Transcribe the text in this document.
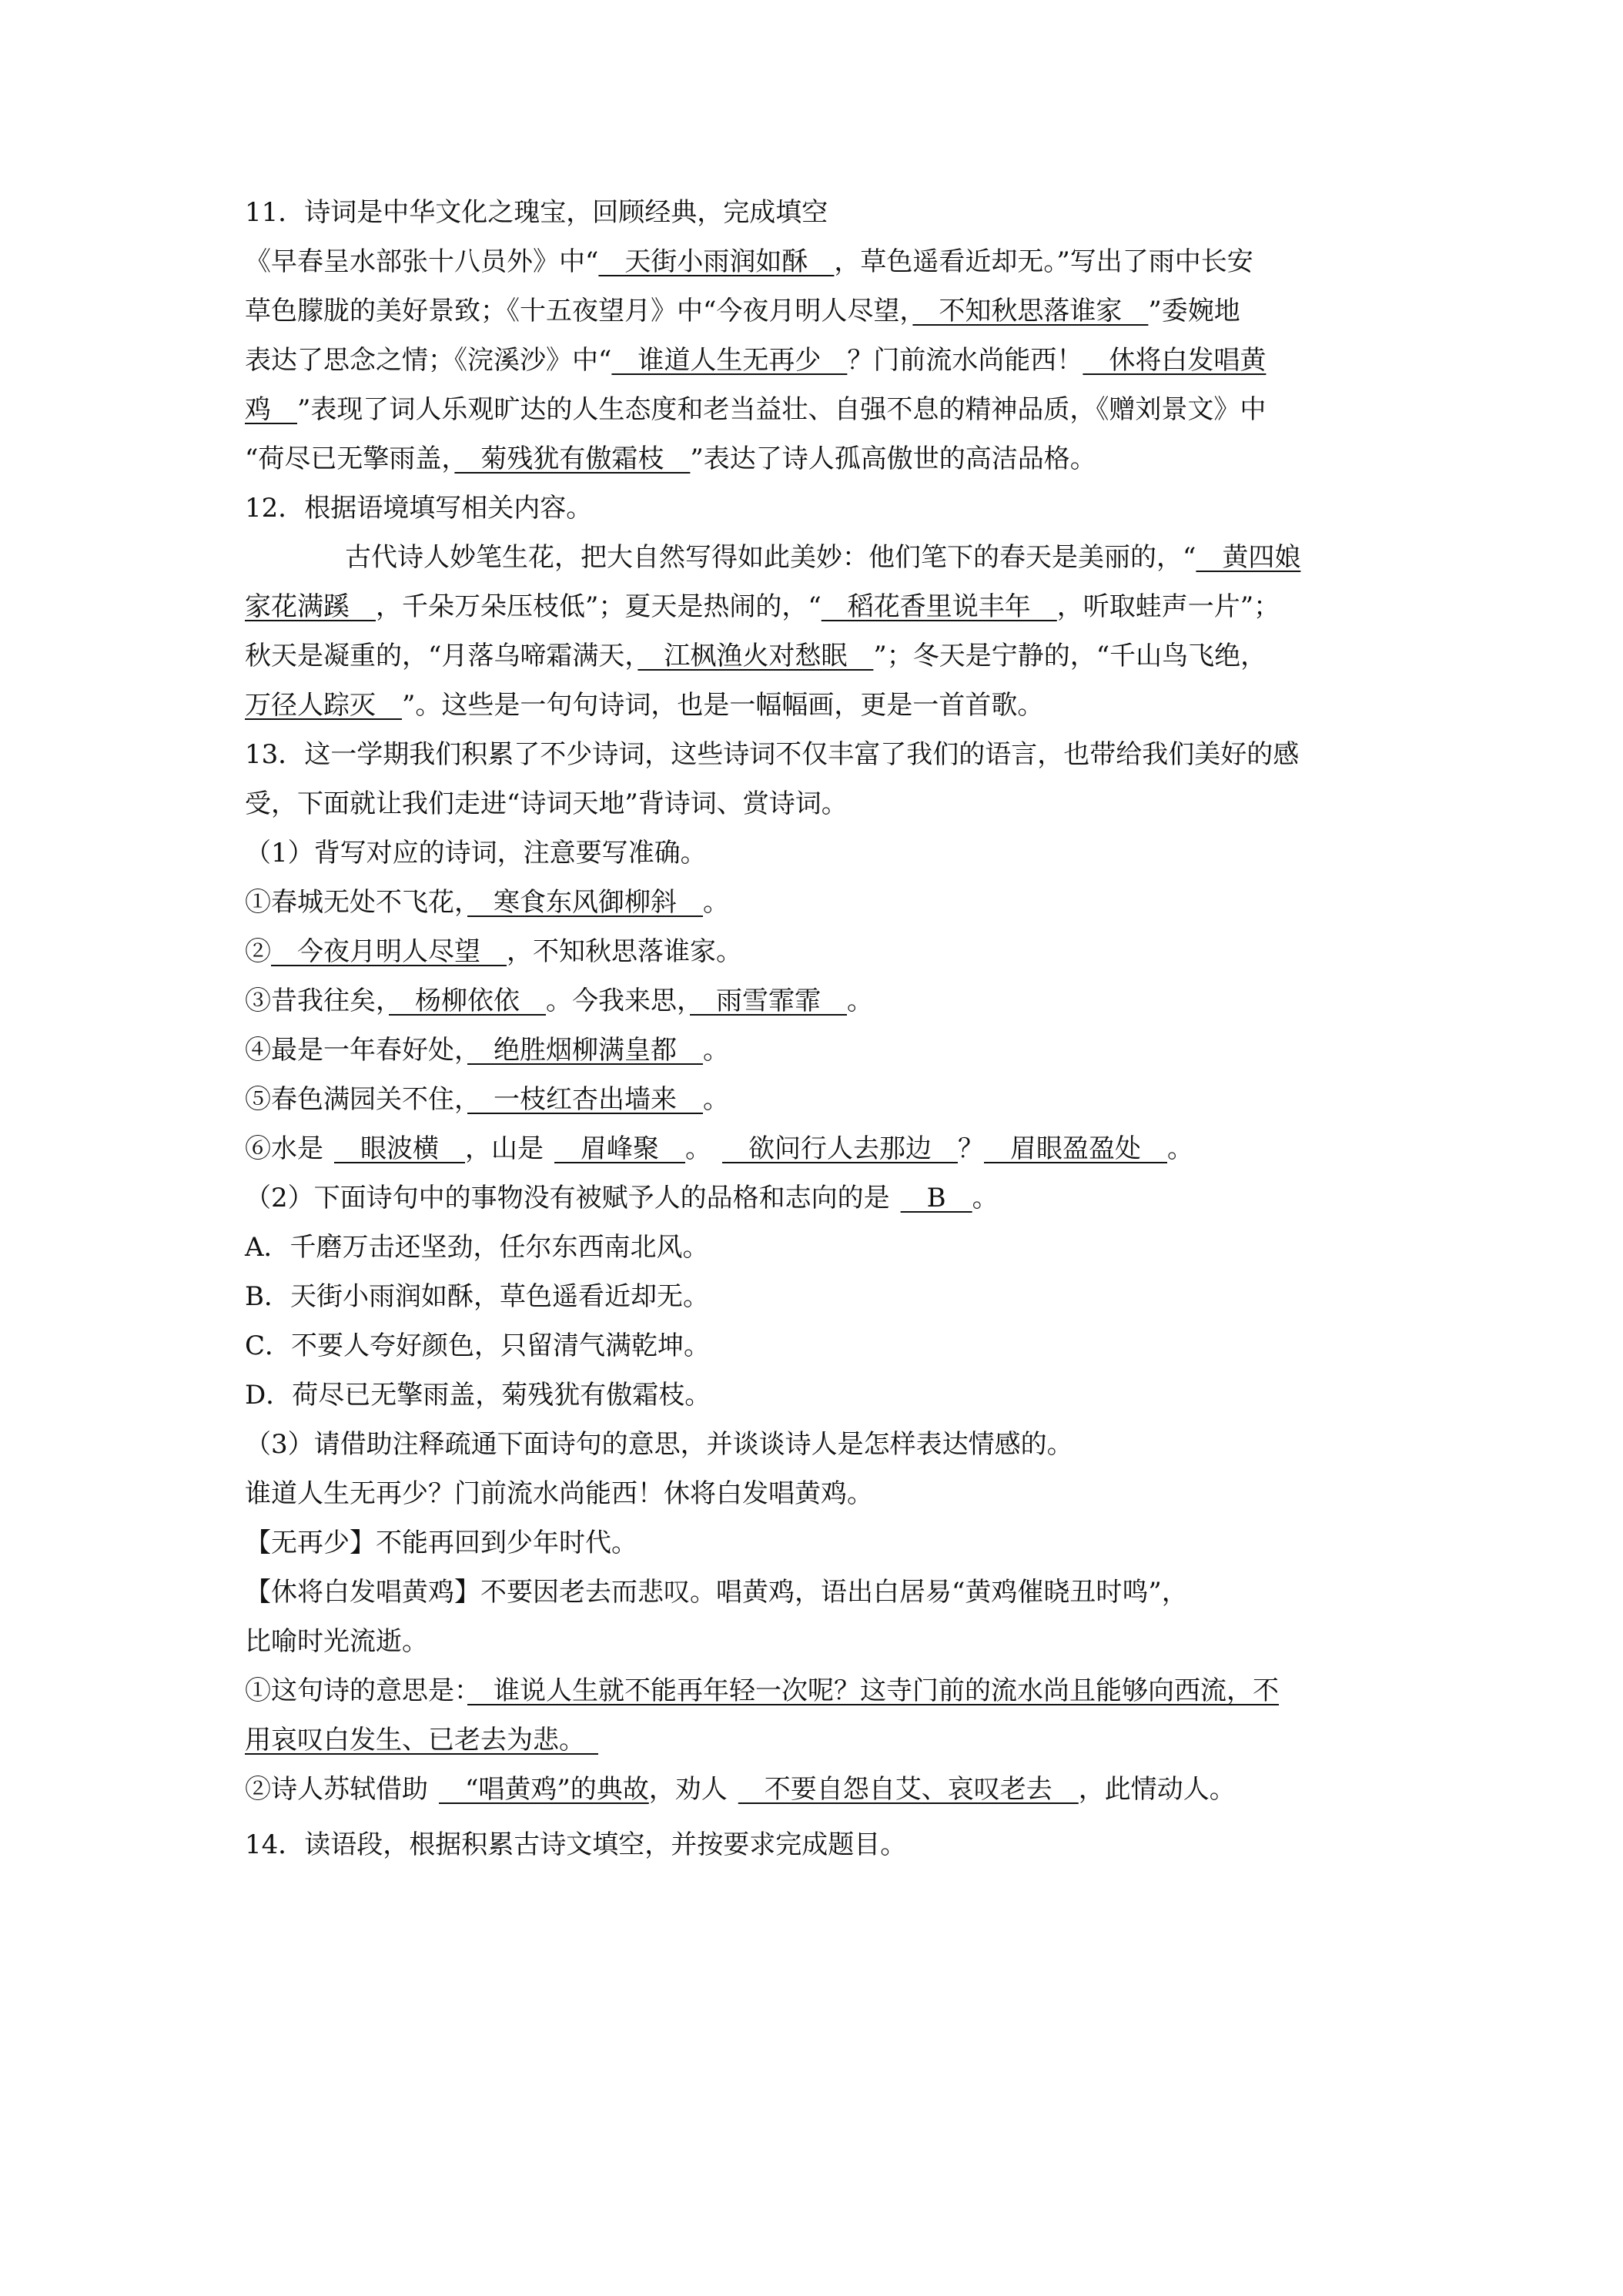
11．诗词是中华文化之瑰宝，回顾经典，完成填空

《早春呈水部张十八员外》中“　天街小雨润如酥　，草色遥看近却无。”写出了雨中长安

草色朦胧的美好景致；《十五夜望月》中“今夜月明人尽望，　不知秋思落谁家　”委婉地

表达了思念之情；《浣溪沙》中“　谁道人生无再少　？门前流水尚能西！　休将白发唱黄

鸡　”表现了词人乐观旷达的人生态度和老当益壮、自强不息的精神品质，《赠刘景文》中

“荷尽已无擎雨盖，　菊残犹有傲霜枝　”表达了诗人孤高傲世的高洁品格。

12．根据语境填写相关内容。

古代诗人妙笔生花，把大自然写得如此美妙：他们笔下的春天是美丽的，“　黄四娘

家花满蹊　，千朵万朵压枝低”；夏天是热闹的，“　稻花香里说丰年　，听取蛙声一片”；

秋天是凝重的，“月落乌啼霜满天，　江枫渔火对愁眠　”；冬天是宁静的，“千山鸟飞绝，

万径人踪灭　”。这些是一句句诗词，也是一幅幅画，更是一首首歌。

13．这一学期我们积累了不少诗词，这些诗词不仅丰富了我们的语言，也带给我们美好的感

受，下面就让我们走进“诗词天地”背诗词、赏诗词。

（1）背写对应的诗词，注意要写准确。

①春城无处不飞花，　寒食东风御柳斜　。

②　今夜月明人尽望　，不知秋思落谁家。

③昔我往矣，　杨柳依依　。今我来思，　雨雪霏霏　。

④最是一年春好处，　绝胜烟柳满皇都　。

⑤春色满园关不住，　一枝红杏出墙来　。

⑥水是　眼波横　，山是　眉峰聚　。　欲问行人去那边　？　眉眼盈盈处　。

（2）下面诗句中的事物没有被赋予人的品格和志向的是　B　。

A．千磨万击还坚劲，任尔东西南北风。

B．天街小雨润如酥，草色遥看近却无。

C．不要人夸好颜色，只留清气满乾坤。

D．荷尽已无擎雨盖，菊残犹有傲霜枝。

（3）请借助注释疏通下面诗句的意思，并谈谈诗人是怎样表达情感的。

谁道人生无再少？门前流水尚能西！休将白发唱黄鸡。

【无再少】不能再回到少年时代。

【休将白发唱黄鸡】不要因老去而悲叹。唱黄鸡，语出白居易“黄鸡催晓丑时鸣”，

比喻时光流逝。

①这句诗的意思是：　谁说人生就不能再年轻一次呢？这寺门前的流水尚且能够向西流，不

用哀叹白发生、已老去为悲。　

②诗人苏轼借助　“唱黄鸡”的典故，劝人　不要自怨自艾、哀叹老去　，此情动人。

14．读语段，根据积累古诗文填空，并按要求完成题目。
